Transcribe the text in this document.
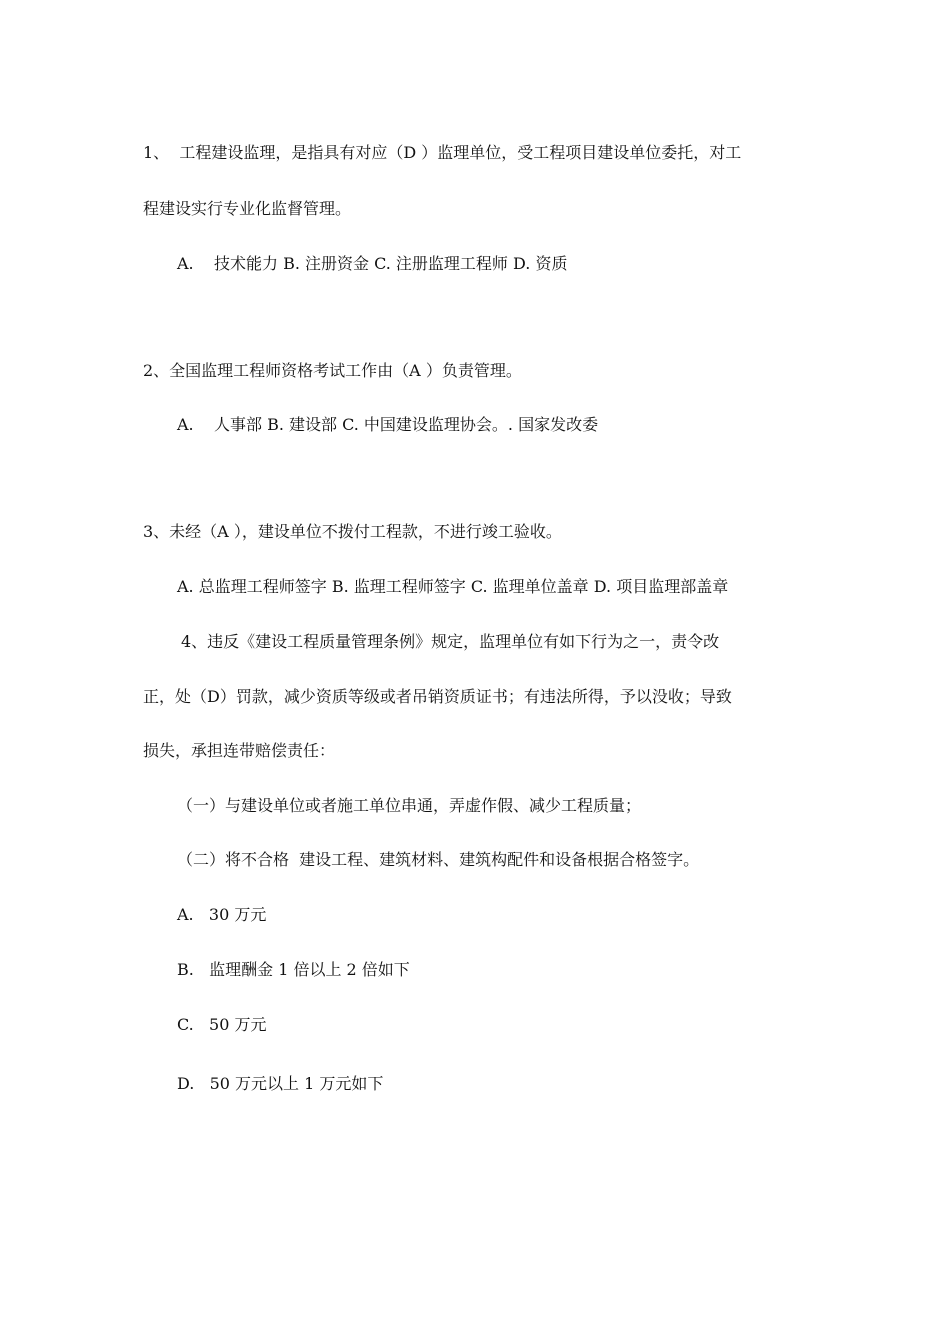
1、  工程建设监理，是指具有对应（D ）监理单位，受工程项目建设单位委托，对工
程建设实行专业化监督管理。
A.    技术能力 B. 注册资金 C. 注册监理工程师 D. 资质
2、全国监理工程师资格考试工作由（A ）负责管理。
A.    人事部 B. 建设部 C. 中国建设监理协会。. 国家发改委
3、未经（A ），建设单位不拨付工程款，不进行竣工验收。
A. 总监理工程师签字 B. 监理工程师签字 C. 监理单位盖章 D. 项目监理部盖章
4、违反《建设工程质量管理条例》规定，监理单位有如下行为之一，责令改
正，处（D）罚款，减少资质等级或者吊销资质证书；有违法所得，予以没收；导致
损失，承担连带赔偿责任：
（一）与建设单位或者施工单位串通，弄虚作假、减少工程质量；
（二）将不合格  建设工程、建筑材料、建筑构配件和设备根据合格签字。
A.   30 万元
B.   监理酬金 1 倍以上 2 倍如下
C.   50 万元
D.   50 万元以上 1 万元如下
